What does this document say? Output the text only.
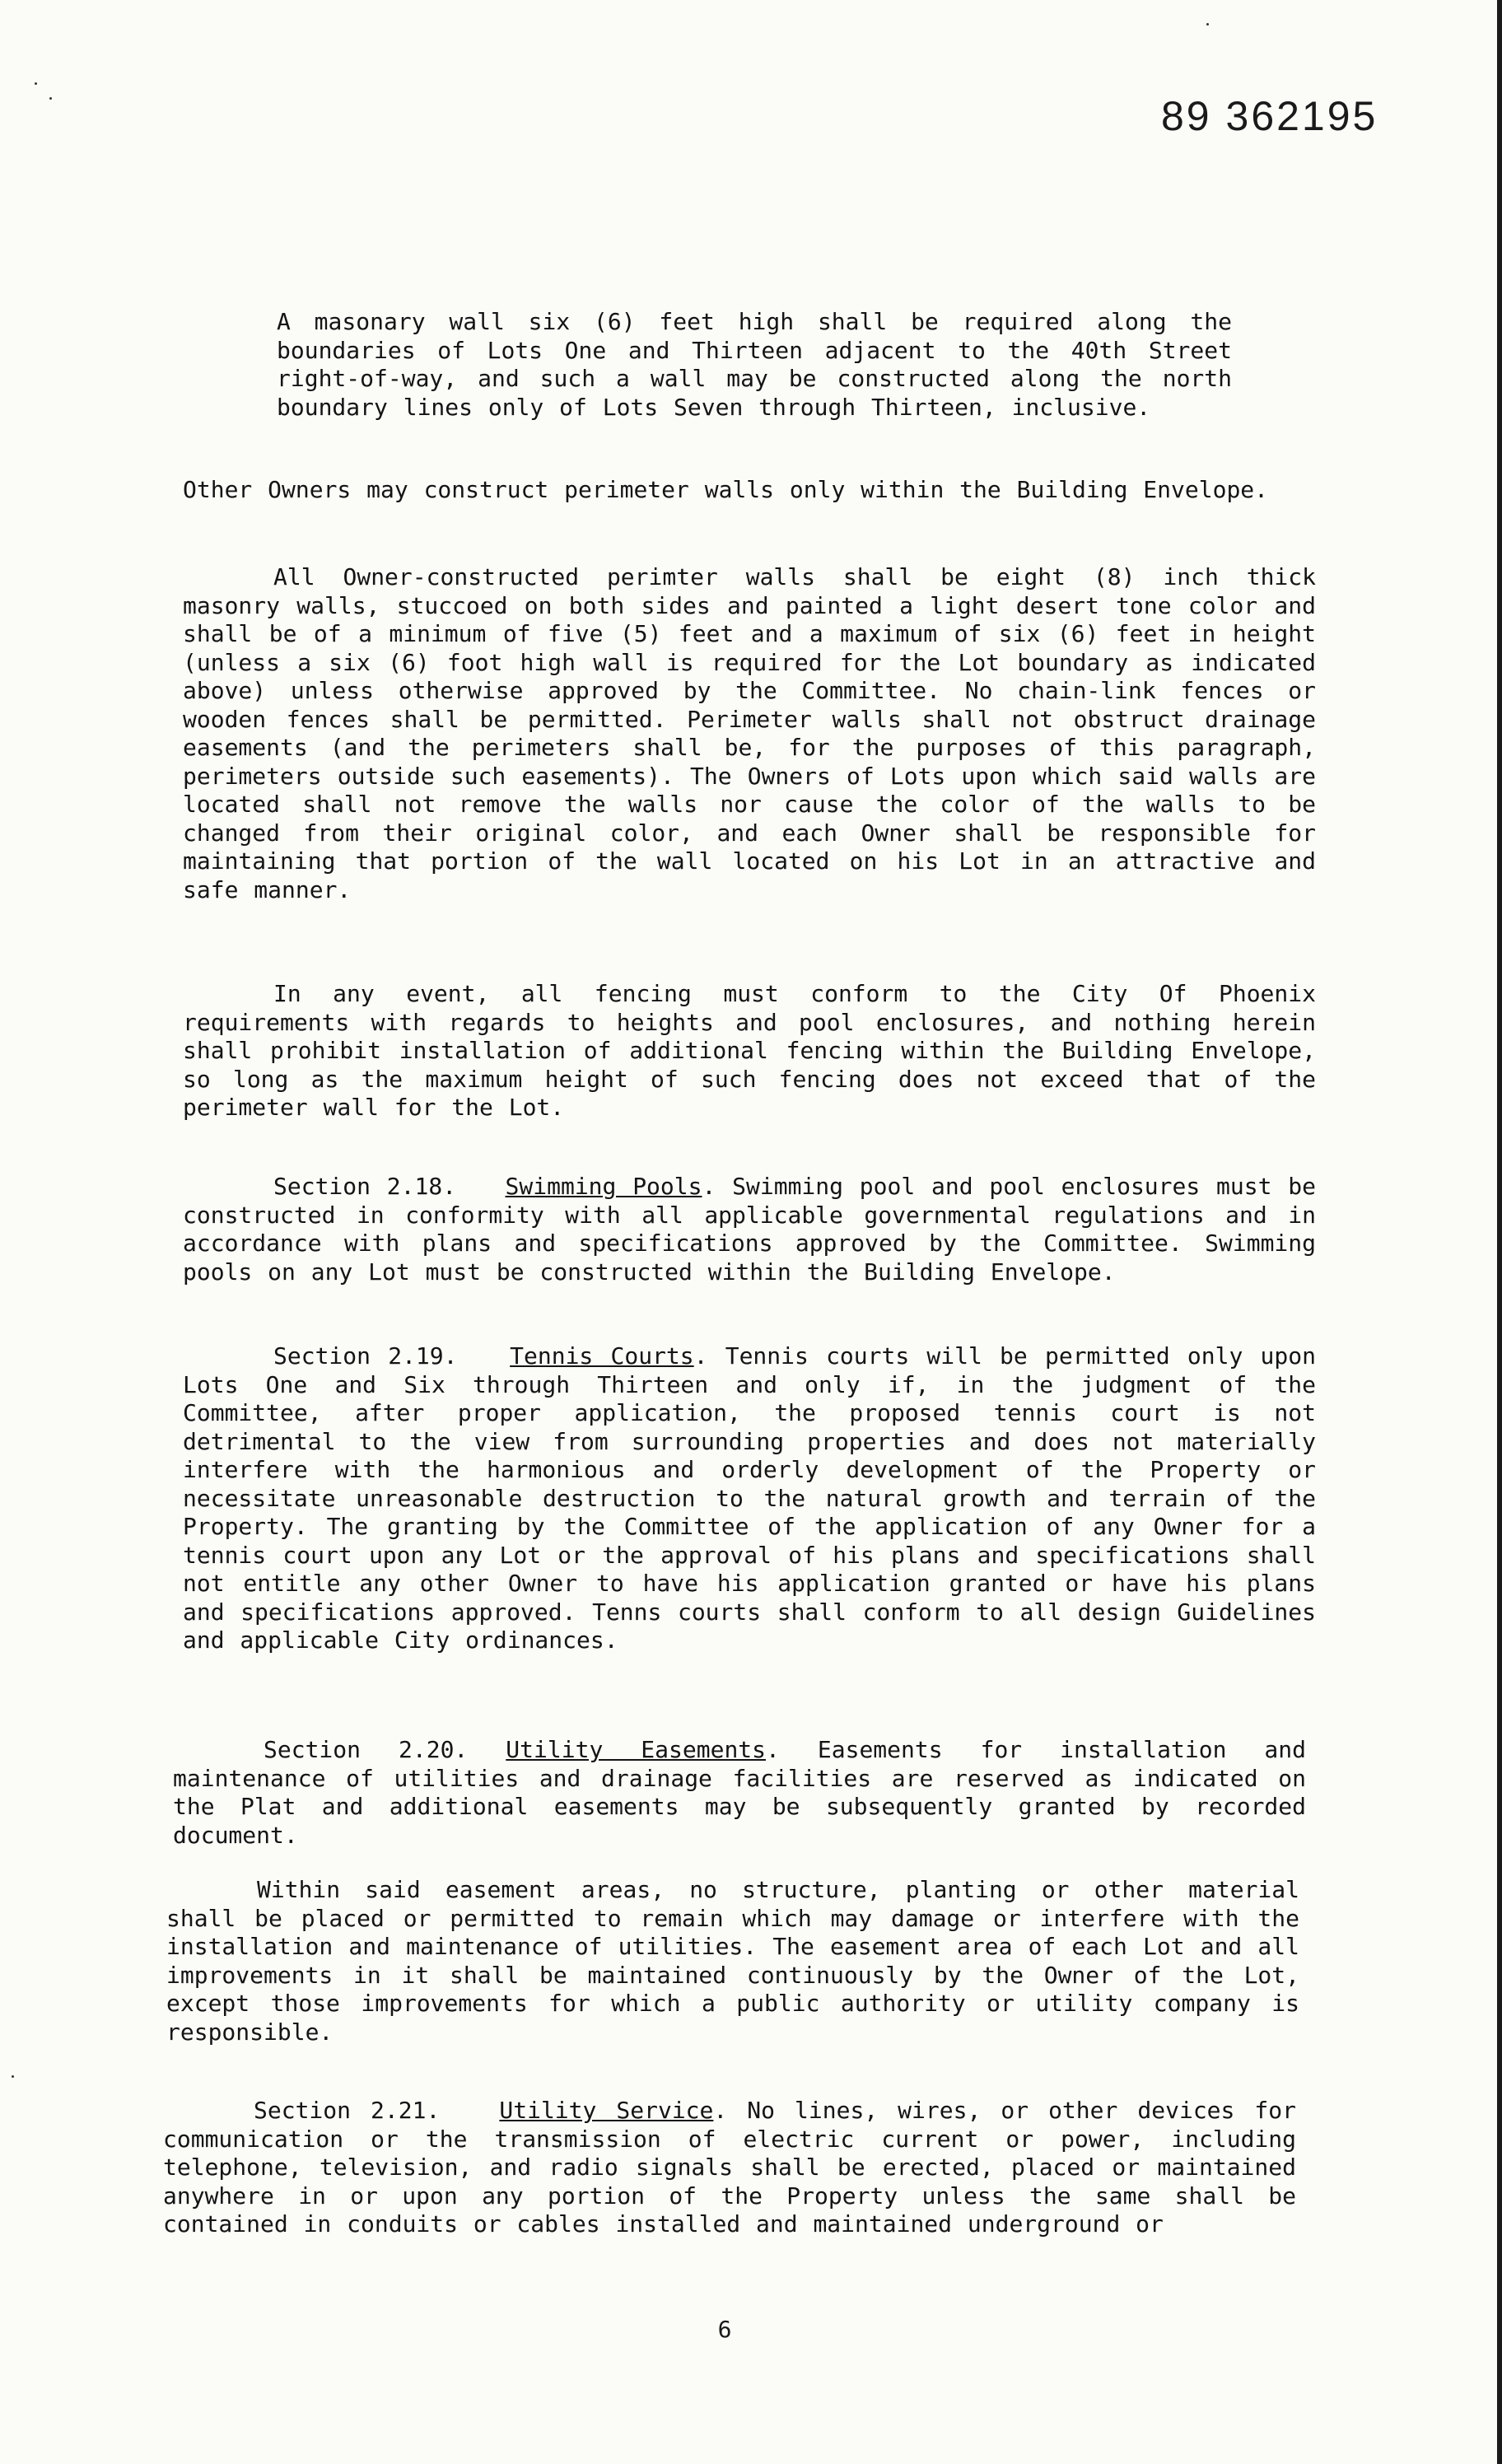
89 362195

A masonary wall six (6) feet high shall be required along the boundaries of Lots One and Thirteen adjacent to the 40th Street right-of-way, and such a wall may be constructed along the north boundary lines only of Lots Seven through Thirteen, inclusive.

Other Owners may construct perimeter walls only within the Building Envelope.

All Owner-constructed perimter walls shall be eight (8) inch thick masonry walls, stuccoed on both sides and painted a light desert tone color and shall be of a minimum of five (5) feet and a maximum of six (6) feet in height (unless a six (6) foot high wall is required for the Lot boundary as indicated above) unless otherwise approved by the Committee. No chain-link fences or wooden fences shall be permitted. Perimeter walls shall not obstruct drainage easements (and the perimeters shall be, for the purposes of this paragraph, perimeters outside such easements). The Owners of Lots upon which said walls are located shall not remove the walls nor cause the color of the walls to be changed from their original color, and each Owner shall be responsible for maintaining that portion of the wall located on his Lot in an attractive and safe manner.

In any event, all fencing must conform to the City Of Phoenix requirements with regards to heights and pool enclosures, and nothing herein shall prohibit installation of additional fencing within the Building Envelope, so long as the maximum height of such fencing does not exceed that of the perimeter wall for the Lot.

Section 2.18. Swimming Pools. Swimming pool and pool enclosures must be constructed in conformity with all applicable governmental regulations and in accordance with plans and specifications approved by the Committee. Swimming pools on any Lot must be constructed within the Building Envelope.

Section 2.19. Tennis Courts. Tennis courts will be permitted only upon Lots One and Six through Thirteen and only if, in the judgment of the Committee, after proper application, the proposed tennis court is not detrimental to the view from surrounding properties and does not materially interfere with the harmonious and orderly development of the Property or necessitate unreasonable destruction to the natural growth and terrain of the Property. The granting by the Committee of the application of any Owner for a tennis court upon any Lot or the approval of his plans and specifications shall not entitle any other Owner to have his application granted or have his plans and specifications approved. Tenns courts shall conform to all design Guidelines and applicable City ordinances.

Section 2.20. Utility Easements. Easements for installation and maintenance of utilities and drainage facilities are reserved as indicated on the Plat and additional easements may be subsequently granted by recorded document.

Within said easement areas, no structure, planting or other material shall be placed or permitted to remain which may damage or interfere with the installation and maintenance of utilities. The easement area of each Lot and all improvements in it shall be maintained continuously by the Owner of the Lot, except those improvements for which a public authority or utility company is responsible.

Section 2.21.	Utility Service. No lines, wires, or other devices for communication or the transmission of electric current or power, including telephone, television, and radio signals shall be erected, placed or maintained anywhere in or upon any portion of the Property unless the same shall be contained in conduits or cables installed and maintained underground or

6
